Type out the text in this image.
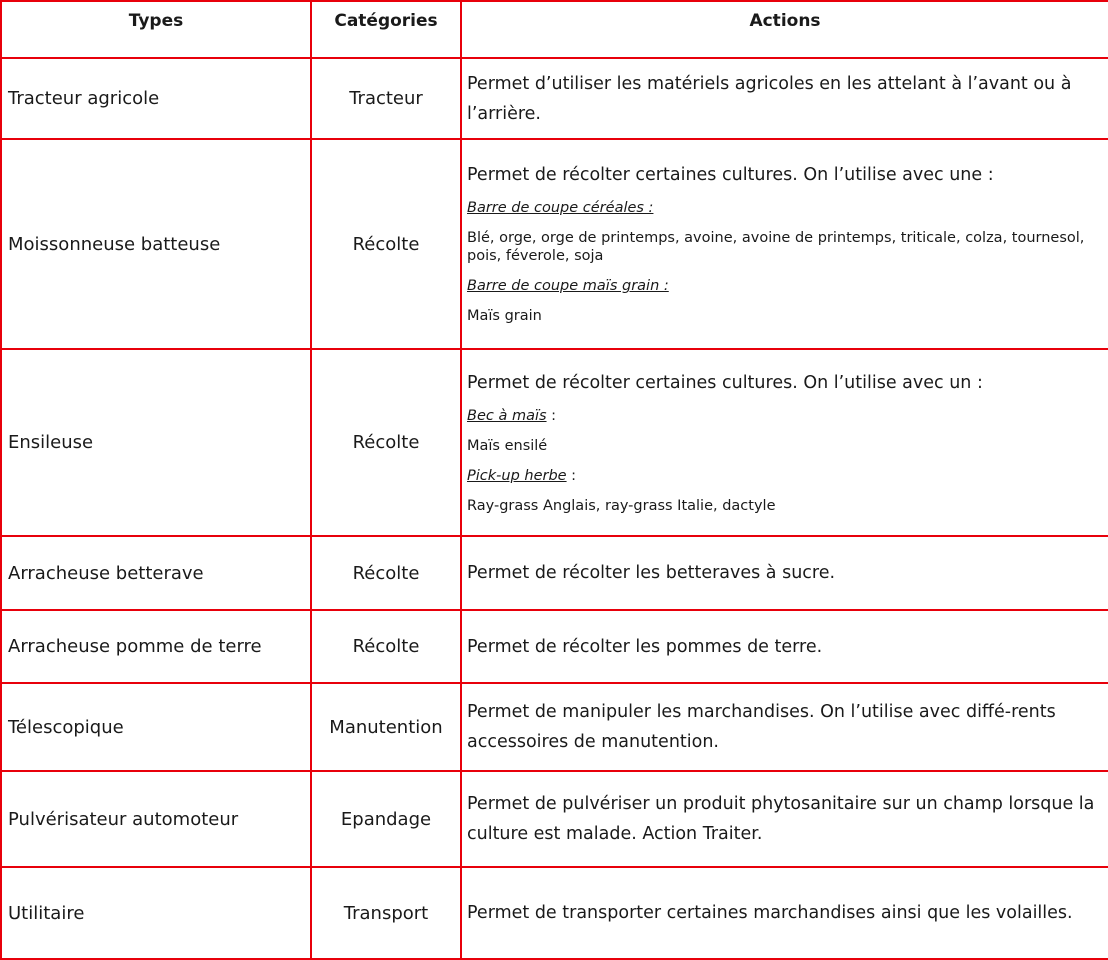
Types	Catégories	Actions
Tracteur agricole	Tracteur	Permet d’utiliser les matériels agricoles en les attelant à l’avant ou à l’arrière.
Moissonneuse batteuse	Récolte	Permet de récolter certaines cultures. On l’utilise avec une :

Barre de coupe céréales :

Blé, orge, orge de printemps, avoine, avoine de printemps, triticale, colza, tournesol, pois, féverole, soja

Barre de coupe maïs grain :

Maïs grain

Ensileuse	Récolte	Permet de récolter certaines cultures. On l’utilise avec un :

Bec à maïs :

Maïs ensilé

Pick-up herbe :

Ray-grass Anglais, ray-grass Italie, dactyle

Arracheuse betterave	Récolte	Permet de récolter les betteraves à sucre.
Arracheuse pomme de terre	Récolte	Permet de récolter les pommes de terre.
Télescopique	Manutention	Permet de manipuler les marchandises. On l’utilise avec diffé-rents accessoires de manutention.
Pulvérisateur automoteur	Epandage	Permet de pulvériser un produit phytosanitaire sur un champ lorsque la culture est malade. Action Traiter.
Utilitaire	Transport	Permet de transporter certaines marchandises ainsi que les volailles.
